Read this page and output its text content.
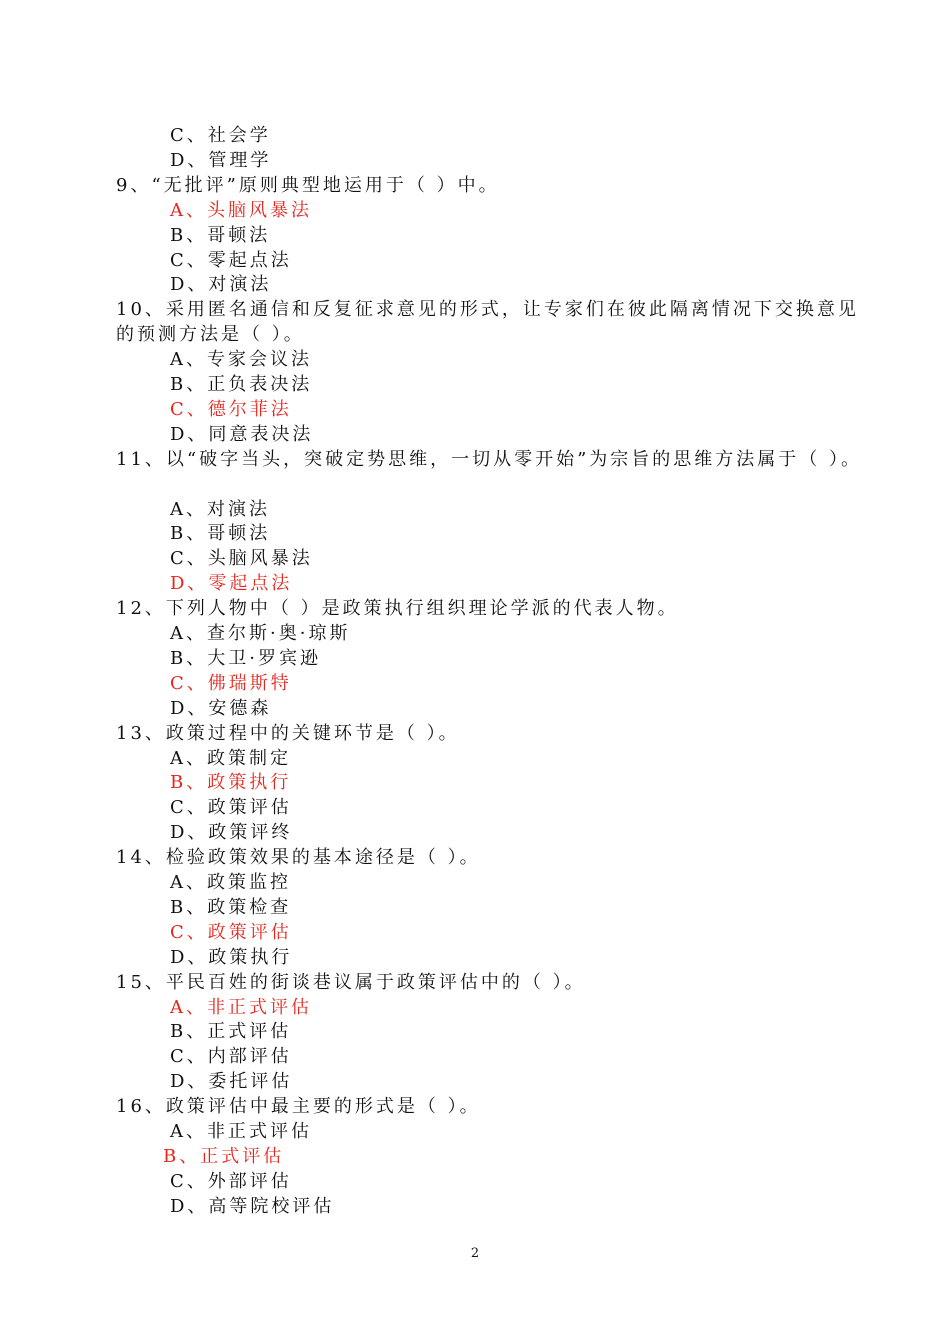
C、社会学
D、管理学
9、“无批评”原则典型地运用于（ ）中。
A、头脑风暴法
B、哥顿法
C、零起点法
D、对演法
10、采用匿名通信和反复征求意见的形式，让专家们在彼此隔离情况下交换意见
的预测方法是（ ）。
A、专家会议法
B、正负表决法
C、德尔菲法
D、同意表决法
11、以“破字当头，突破定势思维，一切从零开始”为宗旨的思维方法属于（ ）。
A、对演法
B、哥顿法
C、头脑风暴法
D、零起点法
12、下列人物中（ ）是政策执行组织理论学派的代表人物。
A、查尔斯·奥·琼斯
B、大卫·罗宾逊
C、佛瑞斯特
D、安德森
13、政策过程中的关键环节是（ ）。
A、政策制定
B、政策执行
C、政策评估
D、政策评终
14、检验政策效果的基本途径是（ ）。
A、政策监控
B、政策检查
C、政策评估
D、政策执行
15、平民百姓的街谈巷议属于政策评估中的（ ）。
A、非正式评估
B、正式评估
C、内部评估
D、委托评估
16、政策评估中最主要的形式是（ ）。
A、非正式评估
B、正式评估
C、外部评估
D、高等院校评估
2
